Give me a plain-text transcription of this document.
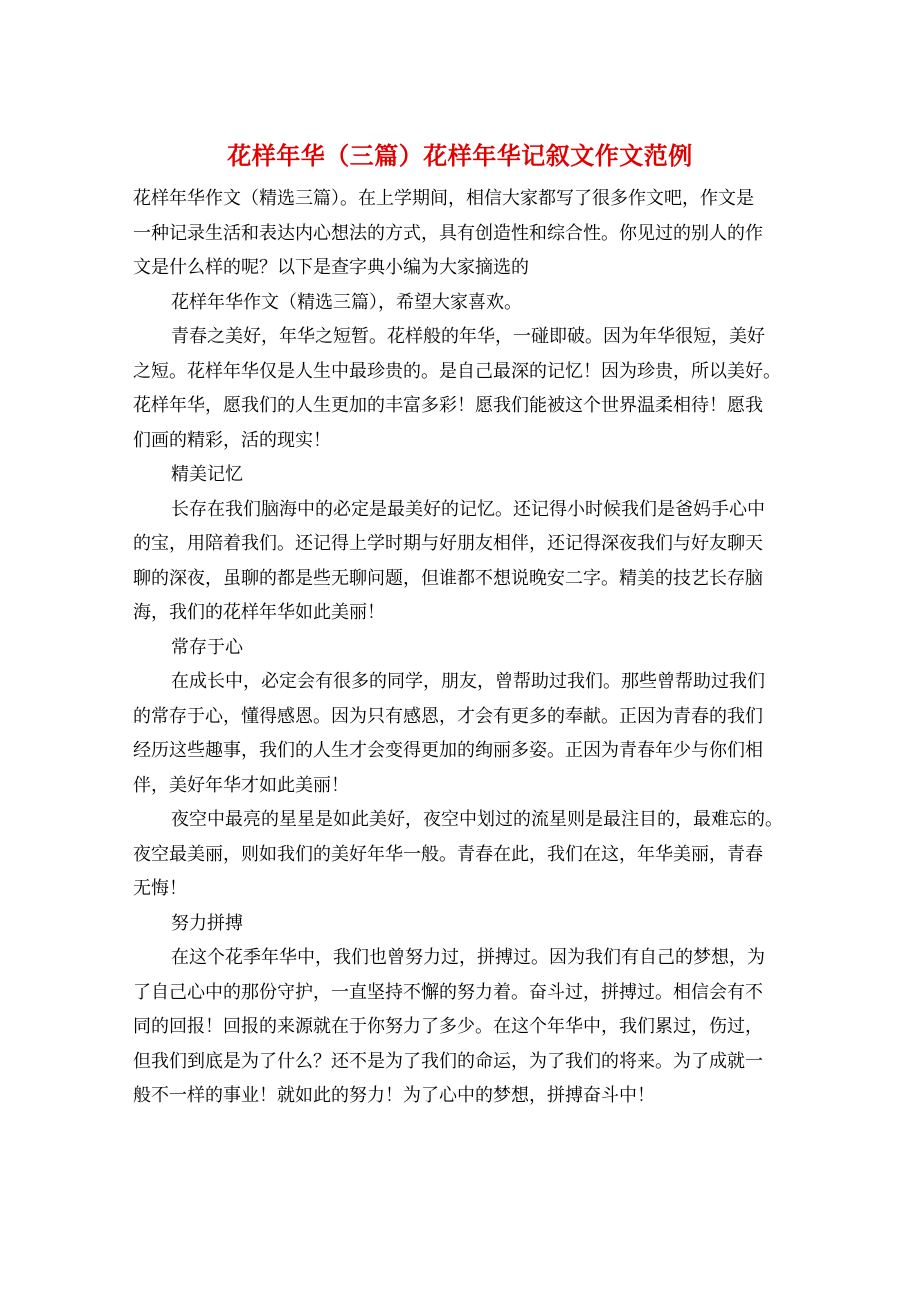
花样年华（三篇）花样年华记叙文作文范例
花样年华作文（精选三篇）。在上学期间，相信大家都写了很多作文吧，作文是
一种记录生活和表达内心想法的方式，具有创造性和综合性。你见过的别人的作
文是什么样的呢？以下是查字典小编为大家摘选的
花样年华作文（精选三篇），希望大家喜欢。
青春之美好，年华之短暂。花样般的年华，一碰即破。因为年华很短，美好
之短。花样年华仅是人生中最珍贵的。是自己最深的记忆！因为珍贵，所以美好。
花样年华，愿我们的人生更加的丰富多彩！愿我们能被这个世界温柔相待！愿我
们画的精彩，活的现实！
精美记忆
长存在我们脑海中的必定是最美好的记忆。还记得小时候我们是爸妈手心中
的宝，用陪着我们。还记得上学时期与好朋友相伴，还记得深夜我们与好友聊天
聊的深夜，虽聊的都是些无聊问题，但谁都不想说晚安二字。精美的技艺长存脑
海，我们的花样年华如此美丽！
常存于心
在成长中，必定会有很多的同学，朋友，曾帮助过我们。那些曾帮助过我们
的常存于心，懂得感恩。因为只有感恩，才会有更多的奉献。正因为青春的我们
经历这些趣事，我们的人生才会变得更加的绚丽多姿。正因为青春年少与你们相
伴，美好年华才如此美丽！
夜空中最亮的星星是如此美好，夜空中划过的流星则是最注目的，最难忘的。
夜空最美丽，则如我们的美好年华一般。青春在此，我们在这，年华美丽，青春
无悔！
努力拼搏
在这个花季年华中，我们也曾努力过，拼搏过。因为我们有自己的梦想，为
了自己心中的那份守护，一直坚持不懈的努力着。奋斗过，拼搏过。相信会有不
同的回报！回报的来源就在于你努力了多少。在这个年华中，我们累过，伤过，
但我们到底是为了什么？还不是为了我们的命运，为了我们的将来。为了成就一
般不一样的事业！就如此的努力！为了心中的梦想，拼搏奋斗中！
